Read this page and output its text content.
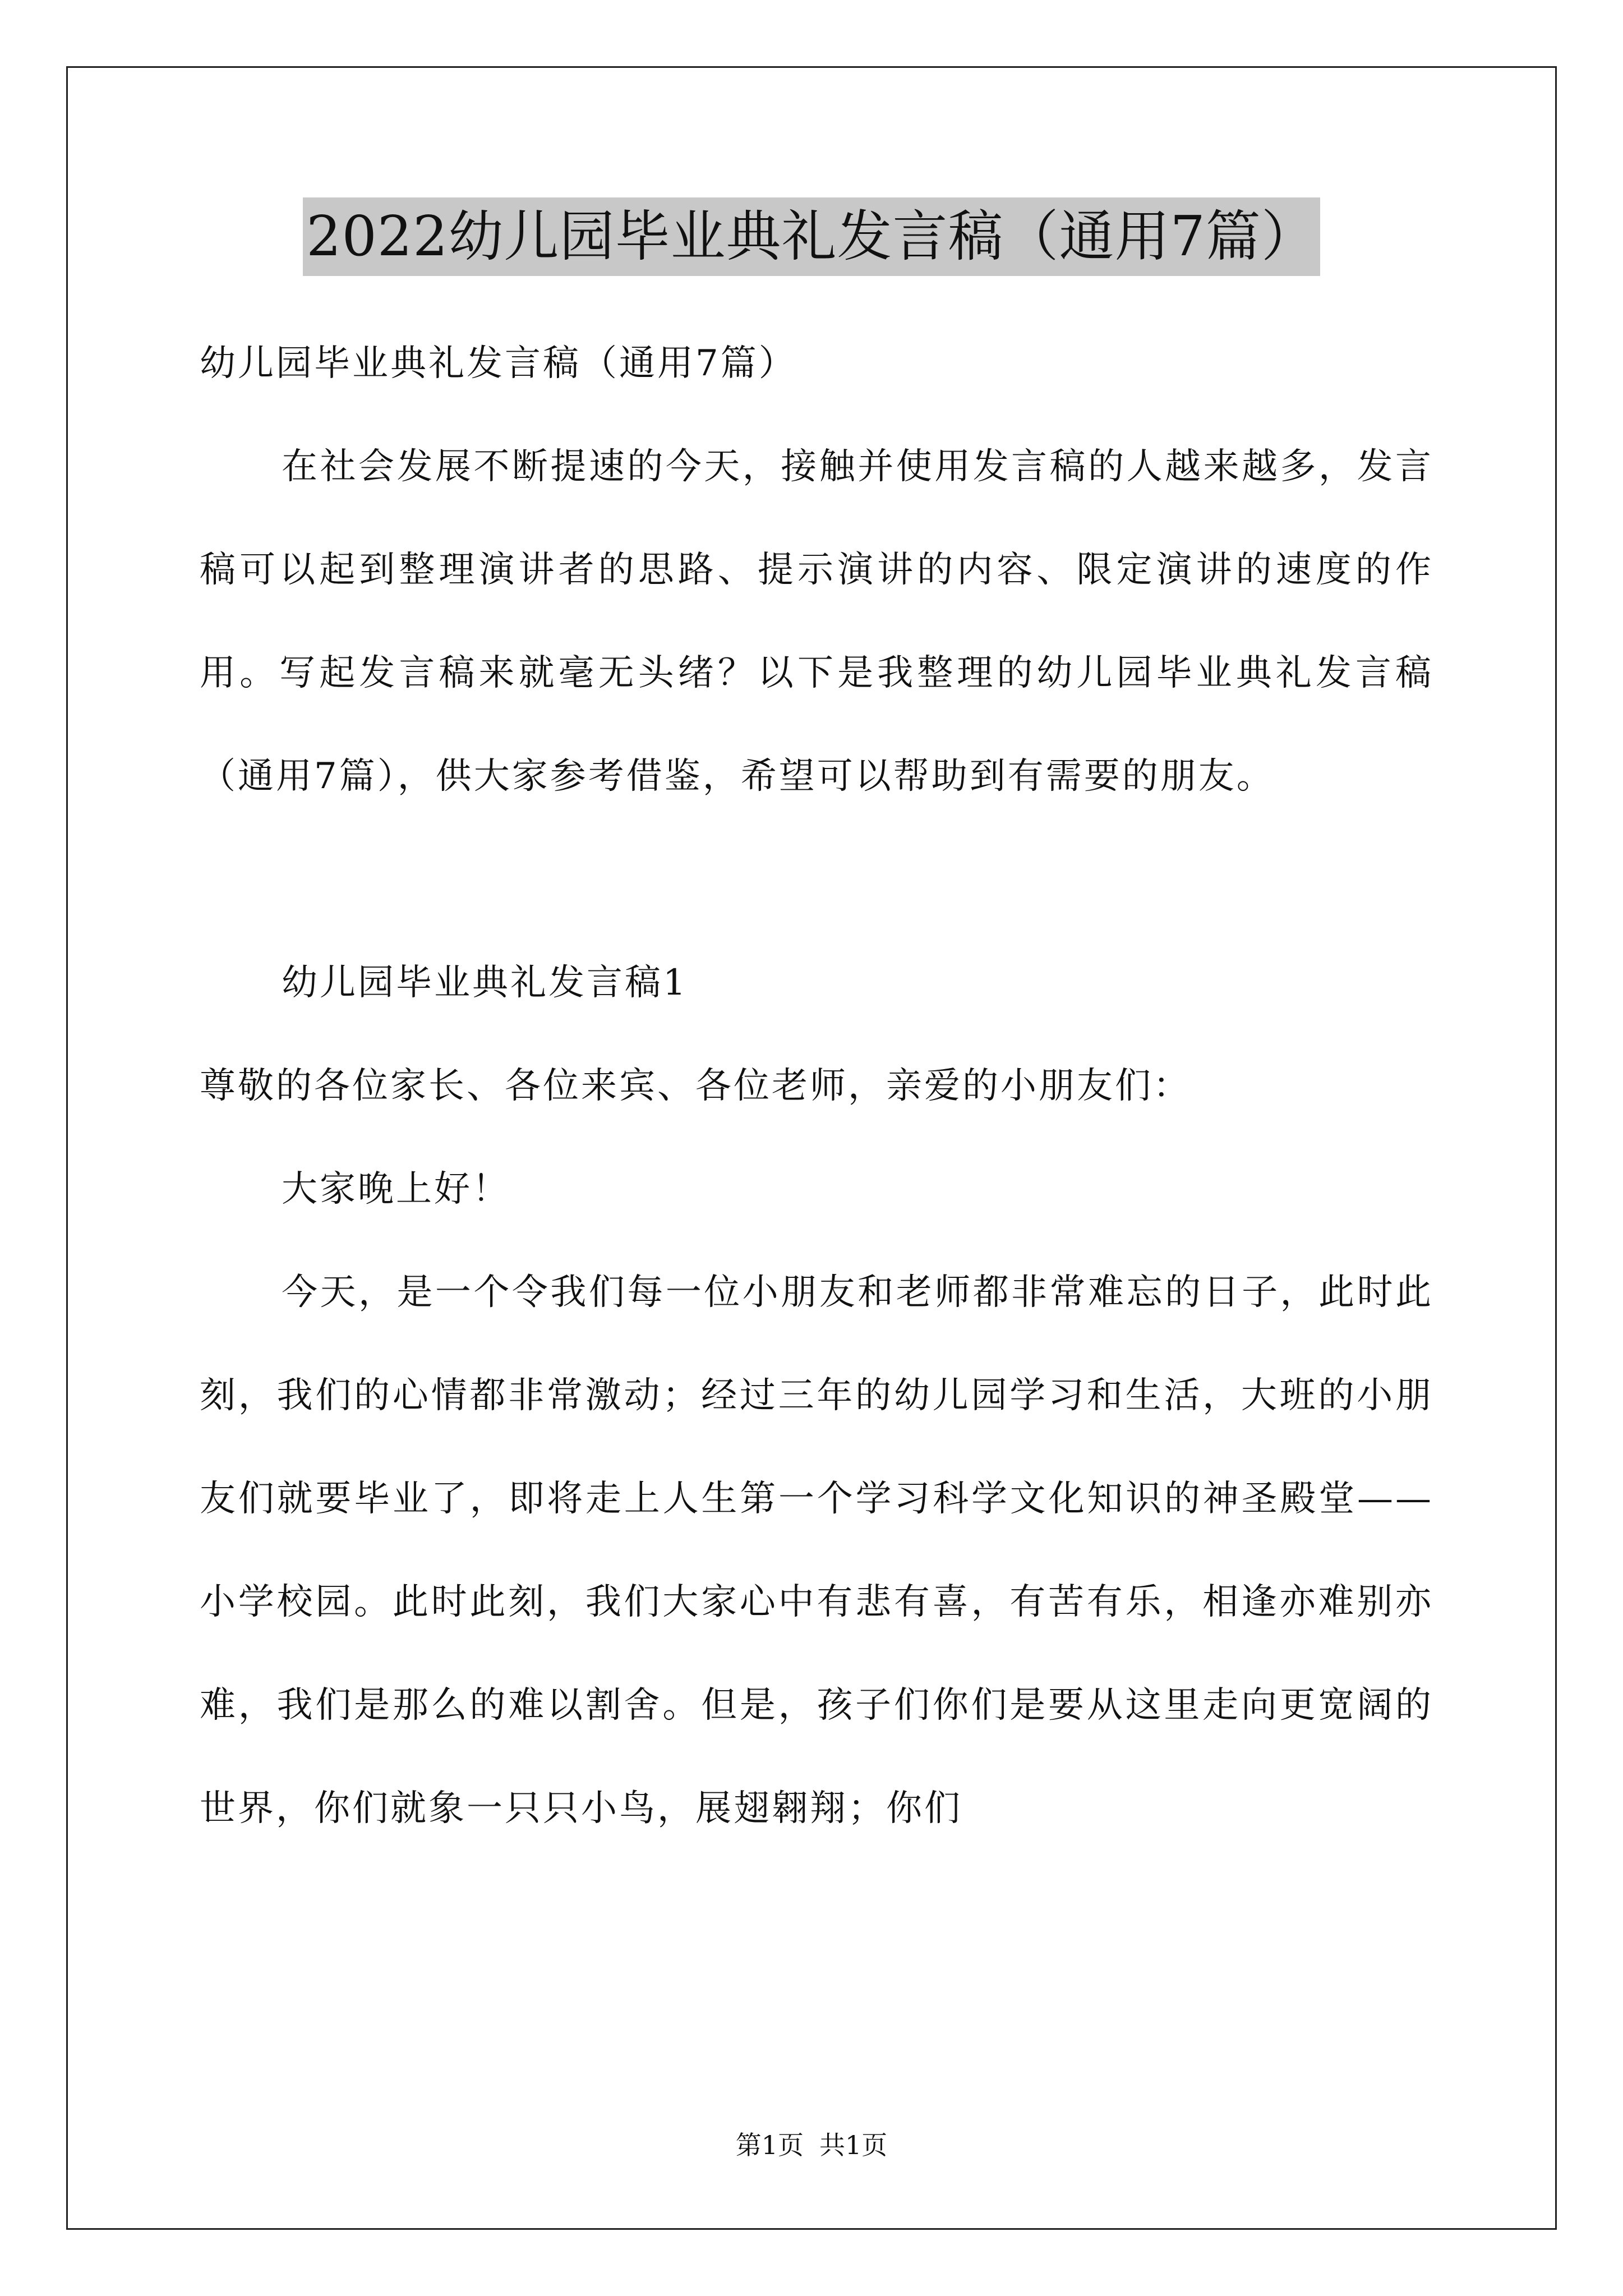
2022幼儿园毕业典礼发言稿（通用7篇）

幼儿园毕业典礼发言稿（通用7篇）

在社会发展不断提速的今天，接触并使用发言稿的人越来越多，发言稿可以起到整理演讲者的思路、提示演讲的内容、限定演讲的速度的作用。写起发言稿来就毫无头绪？以下是我整理的幼儿园毕业典礼发言稿（通用7篇），供大家参考借鉴，希望可以帮助到有需要的朋友。

幼儿园毕业典礼发言稿1

尊敬的各位家长、各位来宾、各位老师，亲爱的小朋友们：

大家晚上好！

今天，是一个令我们每一位小朋友和老师都非常难忘的日子，此时此刻，我们的心情都非常激动；经过三年的幼儿园学习和生活，大班的小朋友们就要毕业了，即将走上人生第一个学习科学文化知识的神圣殿堂——小学校园。此时此刻，我们大家心中有悲有喜，有苦有乐，相逢亦难别亦难，我们是那么的难以割舍。但是，孩子们你们是要从这里走向更宽阔的世界，你们就象一只只小鸟，展翅翱翔；你们

第1页 共1页
